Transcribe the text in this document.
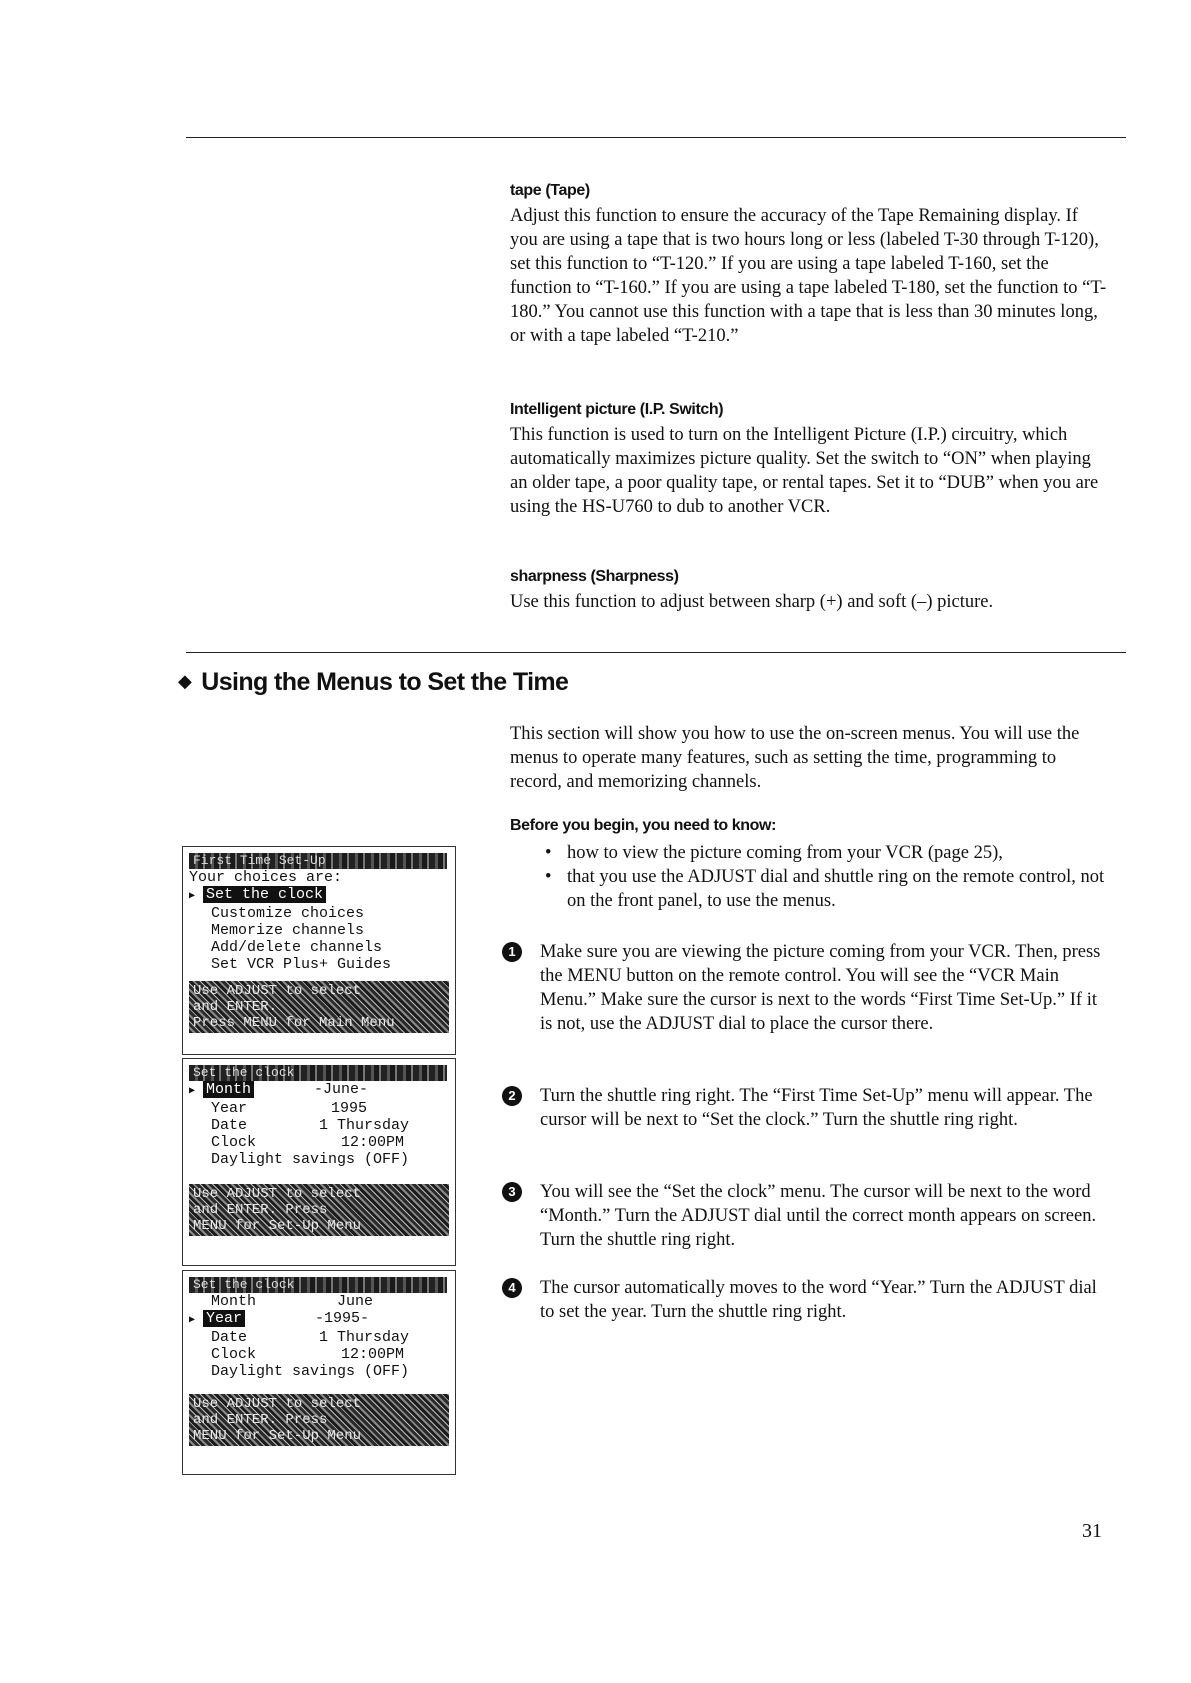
tape (Tape)

Adjust this function to ensure the accuracy of the Tape Remaining display. If you are using a tape that is two hours long or less (labeled T-30 through T-120), set this function to “T-120.” If you are using a tape labeled T-160, set the function to “T-160.” If you are using a tape labeled T-180, set the function to “T-180.” You cannot use this function with a tape that is less than 30 minutes long, or with a tape labeled “T-210.”

Intelligent picture (I.P. Switch)

This function is used to turn on the Intelligent Picture (I.P.) circuitry, which automatically maximizes picture quality. Set the switch to “ON” when playing an older tape, a poor quality tape, or rental tapes. Set it to “DUB” when you are using the HS-U760 to dub to another VCR.

sharpness (Sharpness)

Use this function to adjust between sharp (+) and soft (–) picture.

◆ Using the Menus to Set the Time

This section will show you how to use the on-screen menus. You will use the menus to operate many features, such as setting the time, programming to record, and memorizing channels.

Before you begin, you need to know:

• how to view the picture coming from your VCR (page 25),
• that you use the ADJUST dial and shuttle ring on the remote control, not on the front panel, to use the menus.
1	Make sure you are viewing the picture coming from your VCR. Then, press the MENU button on the remote control. You will see the “VCR Main Menu.” Make sure the cursor is next to the words “First Time Set-Up.” If it is not, use the ADJUST dial to place the cursor there.
2	Turn the shuttle ring right. The “First Time Set-Up” menu will appear. The cursor will be next to “Set the clock.” Turn the shuttle ring right.
3	You will see the “Set the clock” menu. The cursor will be next to the word “Month.” Turn the ADJUST dial until the correct month appears on screen. Turn the shuttle ring right.
4	The cursor automatically moves to the word “Year.” Turn the ADJUST dial to set the year. Turn the shuttle ring right.
First Time Set-Up
Your choices are:
▶ Set the clock
Customize choices
Memorize channels
Add/delete channels
Set VCR Plus+ Guides
Use ADJUST to select
and ENTER.
Press MENU for Main Menu
Set the clock
▶ Month	-June-
Year	1995
Date	1 Thursday
Clock	12:00PM
Daylight savings (OFF)
Use ADJUST to select
and ENTER. Press
MENU for Set-Up Menu
Set the clock
Month	June
▶ Year	-1995-
Date	1 Thursday
Clock	12:00PM
Daylight savings (OFF)
Use ADJUST to select
and ENTER. Press
MENU for Set-Up Menu
31
